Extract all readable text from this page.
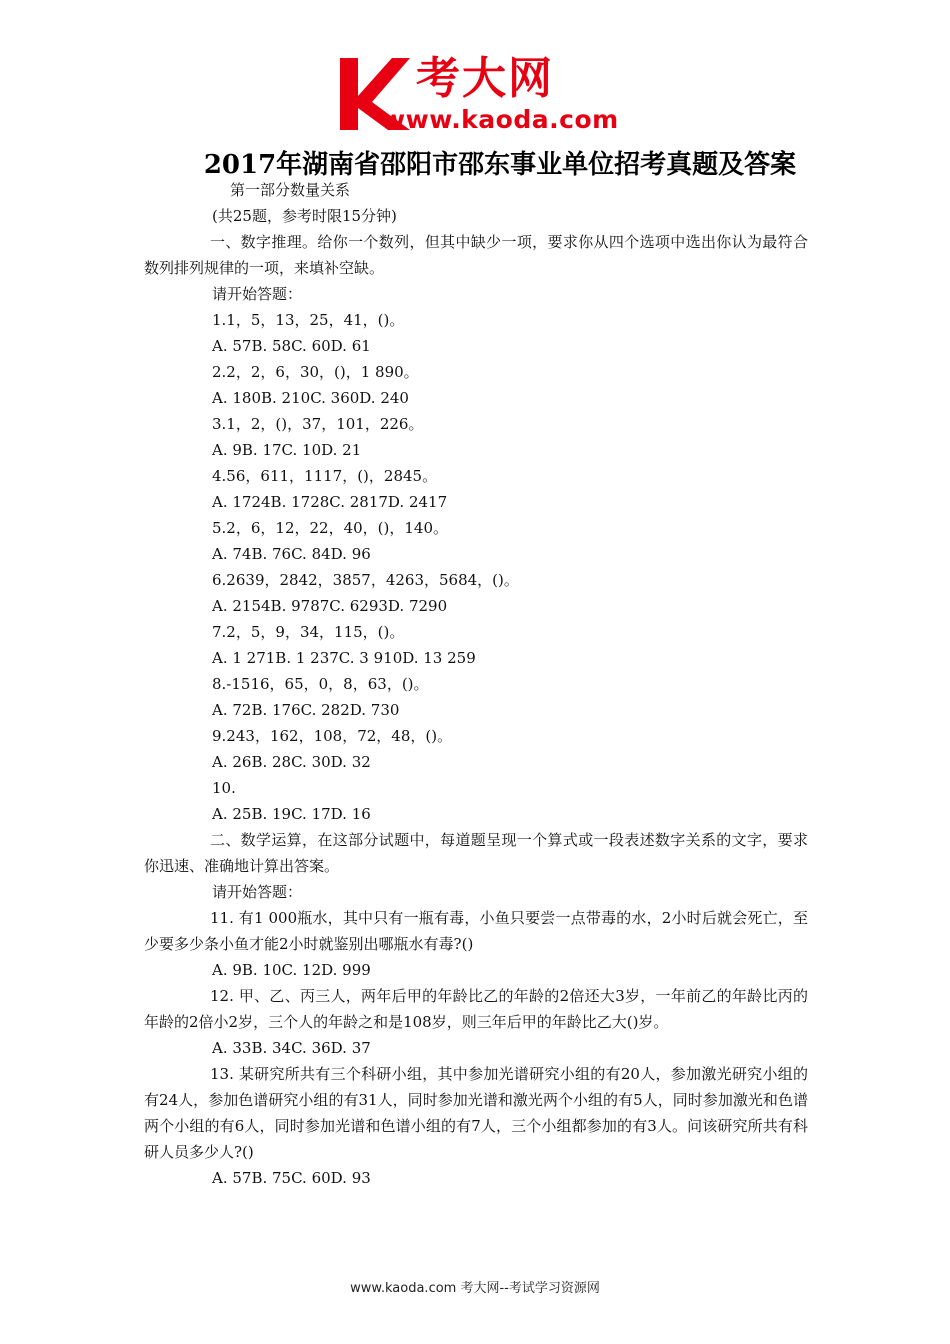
考大网
www.kaoda.com
2017年湖南省邵阳市邵东事业单位招考真题及答案
第一部分数量关系
(共25题，参考时限15分钟)
一、数字推理。给你一个数列，但其中缺少一项，要求你从四个选项中选出你认为最符合数列排列规律的一项，来填补空缺。
请开始答题：
1.1，5，13，25，41，()。
A. 57B. 58C. 60D. 61
2.2，2，6，30，()，1 890。
A. 180B. 210C. 360D. 240
3.1，2，()，37，101，226。
A. 9B. 17C. 10D. 21
4.56，611，1117，()，2845。
A. 1724B. 1728C. 2817D. 2417
5.2，6，12，22，40，()，140。
A. 74B. 76C. 84D. 96
6.2639，2842，3857，4263，5684，()。
A. 2154B. 9787C. 6293D. 7290
7.2，5，9，34，115，()。
A. 1 271B. 1 237C. 3 910D. 13 259
8.-1516，65，0，8，63，()。
A. 72B. 176C. 282D. 730
9.243，162，108，72，48，()。
A. 26B. 28C. 30D. 32
10.
A. 25B. 19C. 17D. 16
二、数学运算，在这部分试题中，每道题呈现一个算式或一段表述数字关系的文字，要求你迅速、准确地计算出答案。
请开始答题：
11. 有1 000瓶水，其中只有一瓶有毒，小鱼只要尝一点带毒的水，2小时后就会死亡，至少要多少条小鱼才能2小时就鉴别出哪瓶水有毒?()
A. 9B. 10C. 12D. 999
12. 甲、乙、丙三人，两年后甲的年龄比乙的年龄的2倍还大3岁，一年前乙的年龄比丙的年龄的2倍小2岁，三个人的年龄之和是108岁，则三年后甲的年龄比乙大()岁。
A. 33B. 34C. 36D. 37
13. 某研究所共有三个科研小组，其中参加光谱研究小组的有20人，参加激光研究小组的有24人，参加色谱研究小组的有31人，同时参加光谱和激光两个小组的有5人，同时参加激光和色谱两个小组的有6人，同时参加光谱和色谱小组的有7人，三个小组都参加的有3人。问该研究所共有科研人员多少人?()
A. 57B. 75C. 60D. 93
www.kaoda.com 考大网--考试学习资源网
